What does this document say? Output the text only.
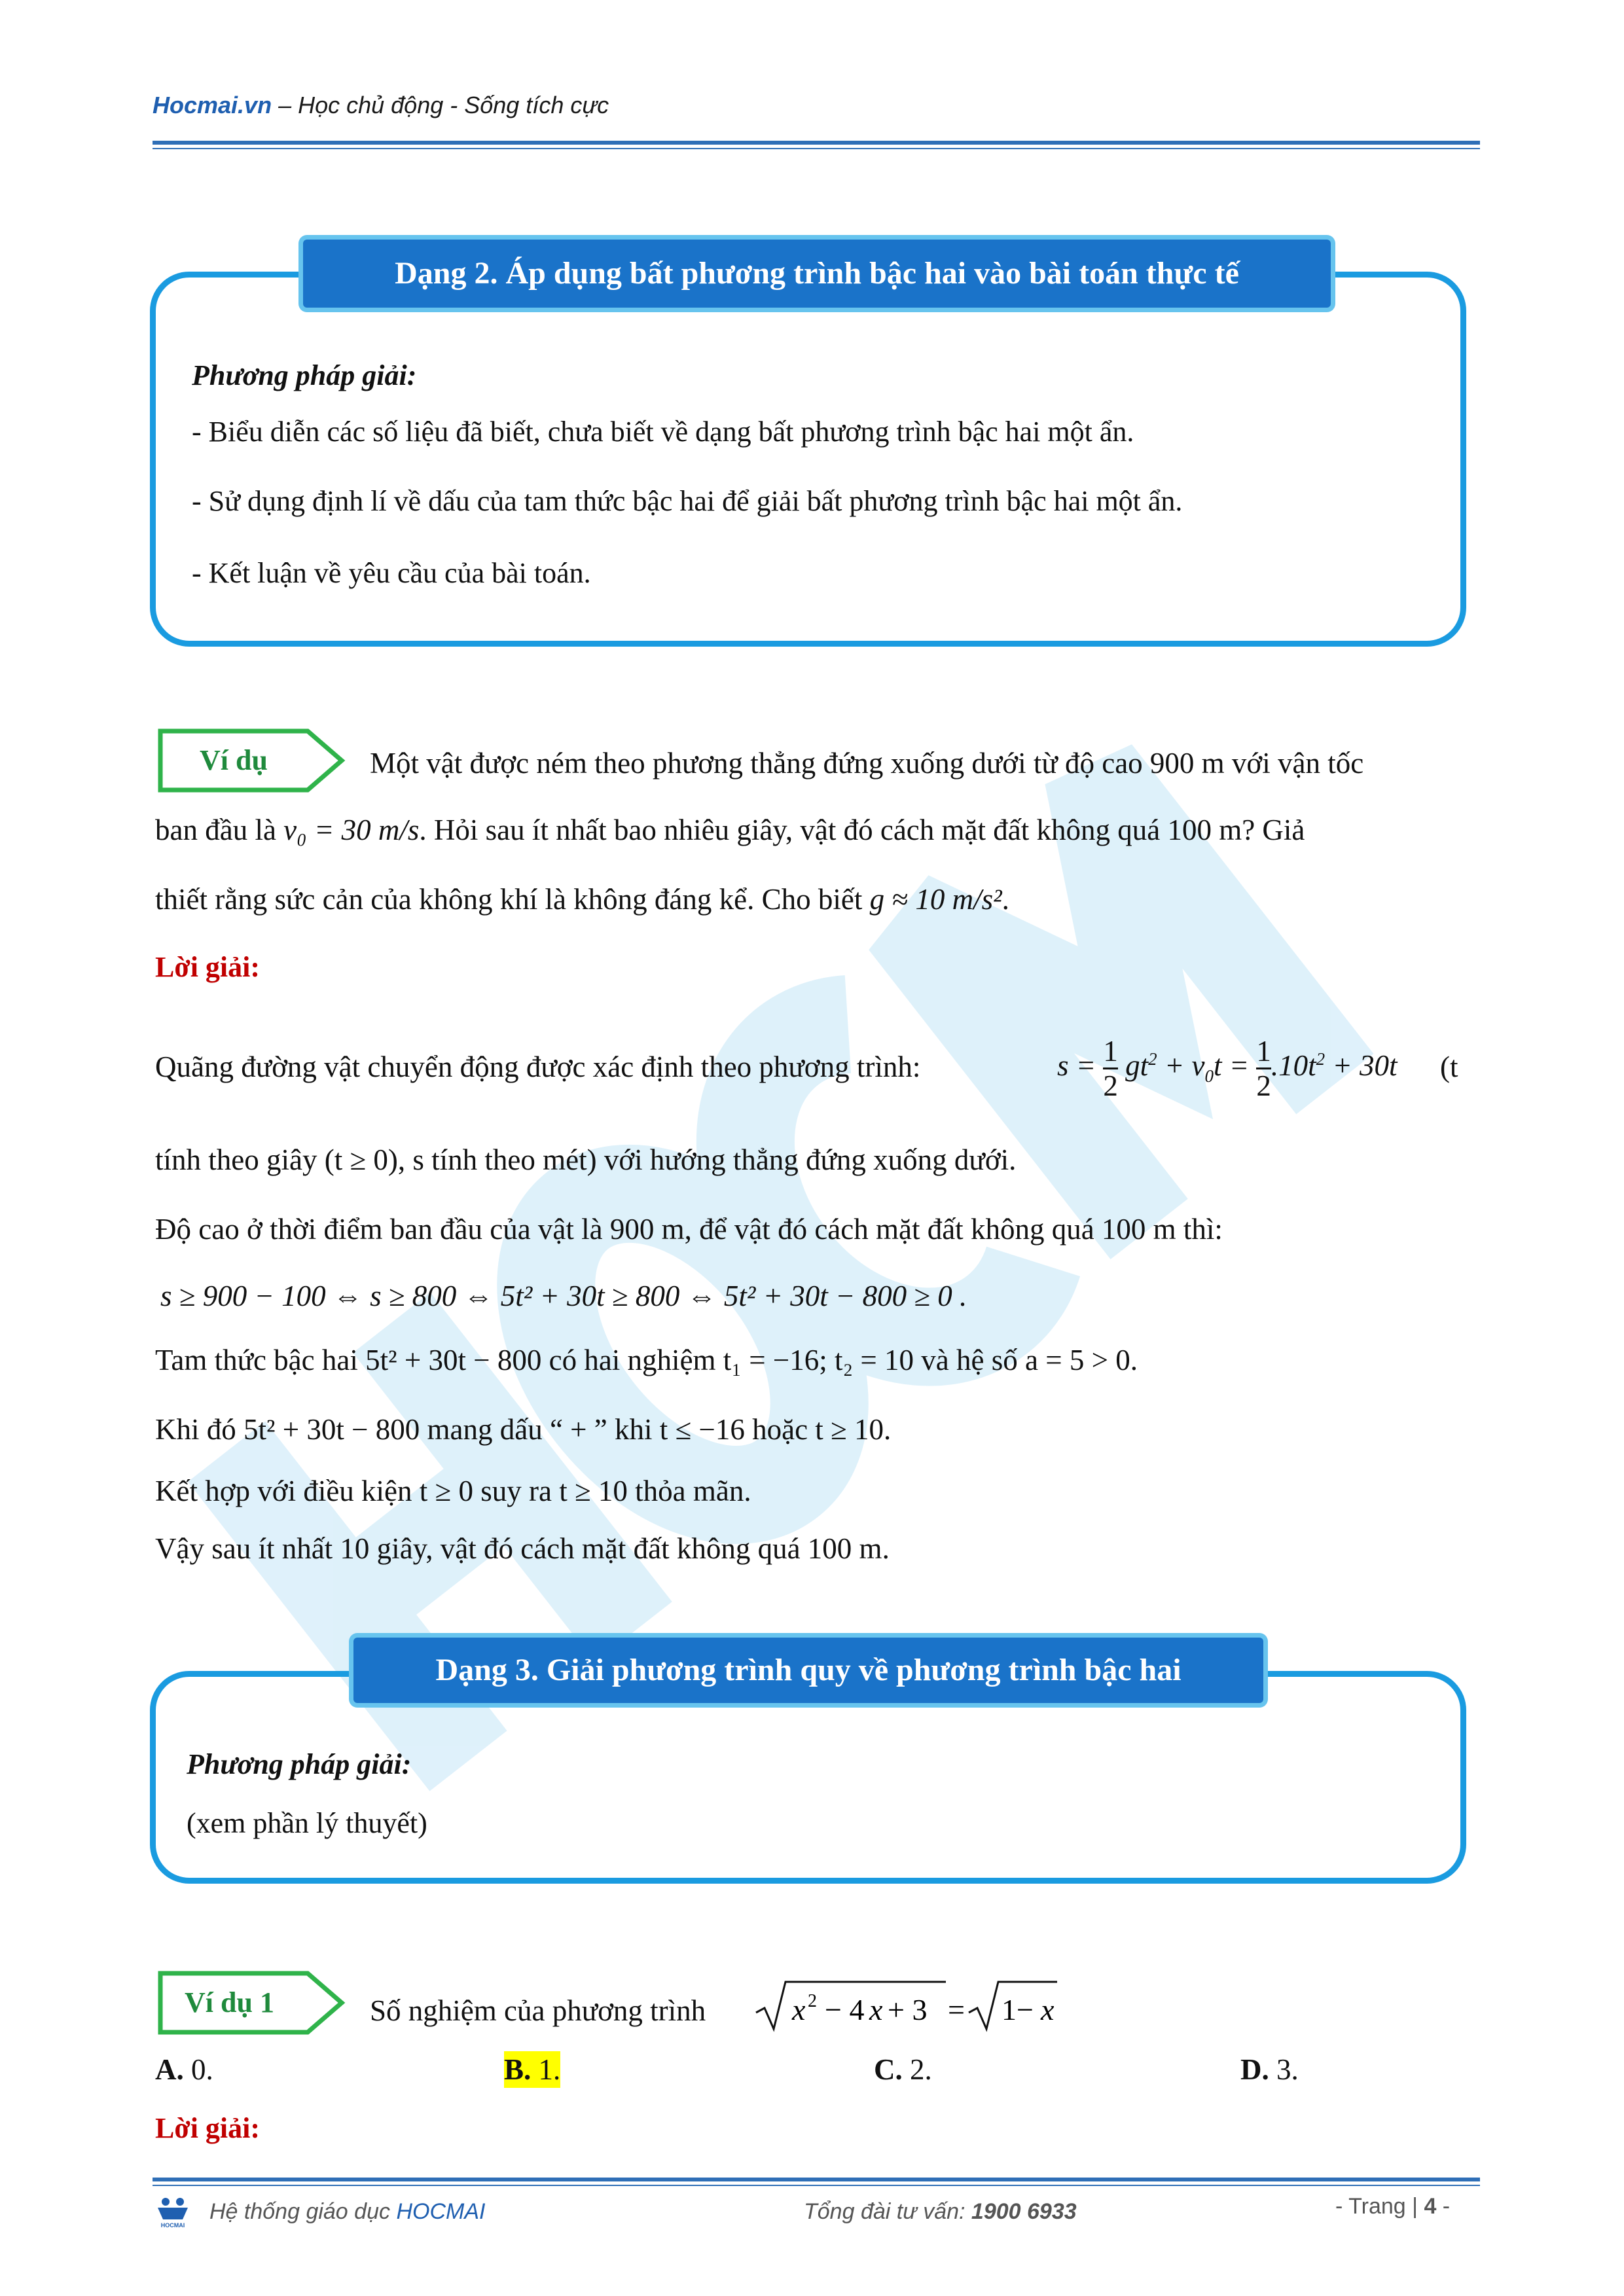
Hocmai.vn – Học chủ động - Sống tích cực
Dạng 2. Áp dụng bất phương trình bậc hai vào bài toán thực tế
Phương pháp giải:
- Biểu diễn các số liệu đã biết, chưa biết về dạng bất phương trình bậc hai một ẩn.
- Sử dụng định lí về dấu của tam thức bậc hai để giải bất phương trình bậc hai một ẩn.
- Kết luận về yêu cầu của bài toán.
Ví dụ	Một vật được ném theo phương thẳng đứng xuống dưới từ độ cao 900 m với vận tốc
ban đầu là v₀ = 30 m/s. Hỏi sau ít nhất bao nhiêu giây, vật đó cách mặt đất không quá 100 m? Giả
thiết rằng sức cản của không khí là không đáng kể. Cho biết g ≈ 10 m/s².
Lời giải:
Quãng đường vật chuyển động được xác định theo phương trình:	$s = \frac{1}{2} gt^2 + v_0t = \frac{1}{2} .10t^2 + 30t$ (t
tính theo giây (t ≥ 0), s tính theo mét) với hướng thẳng đứng xuống dưới.
Độ cao ở thời điểm ban đầu của vật là 900 m, để vật đó cách mặt đất không quá 100 m thì:
s ≥ 900 − 100 ⇔ s ≥ 800 ⇔ 5t² + 30t ≥ 800 ⇔ 5t² + 30t − 800 ≥ 0 .
Tam thức bậc hai 5t² + 30t − 800 có hai nghiệm t₁ = −16; t₂ = 10 và hệ số a = 5 > 0.
Khi đó 5t² + 30t − 800 mang dấu “ + ” khi t ≤ −16 hoặc t ≥ 10.
Kết hợp với điều kiện t ≥ 0 suy ra t ≥ 10 thỏa mãn.
Vậy sau ít nhất 10 giây, vật đó cách mặt đất không quá 100 m.
Dạng 3. Giải phương trình quy về phương trình bậc hai
Phương pháp giải:
(xem phần lý thuyết)
Ví dụ 1	Số nghiệm của phương trình	x 2 − 4 x + 3 = 1− x
A. 0.	B. 1.	C. 2.	D. 3.
Lời giải:
HOCMAI
Hệ thống giáo dục HOCMAI	Tổng đài tư vấn: 1900 6933	- Trang | 4 -
